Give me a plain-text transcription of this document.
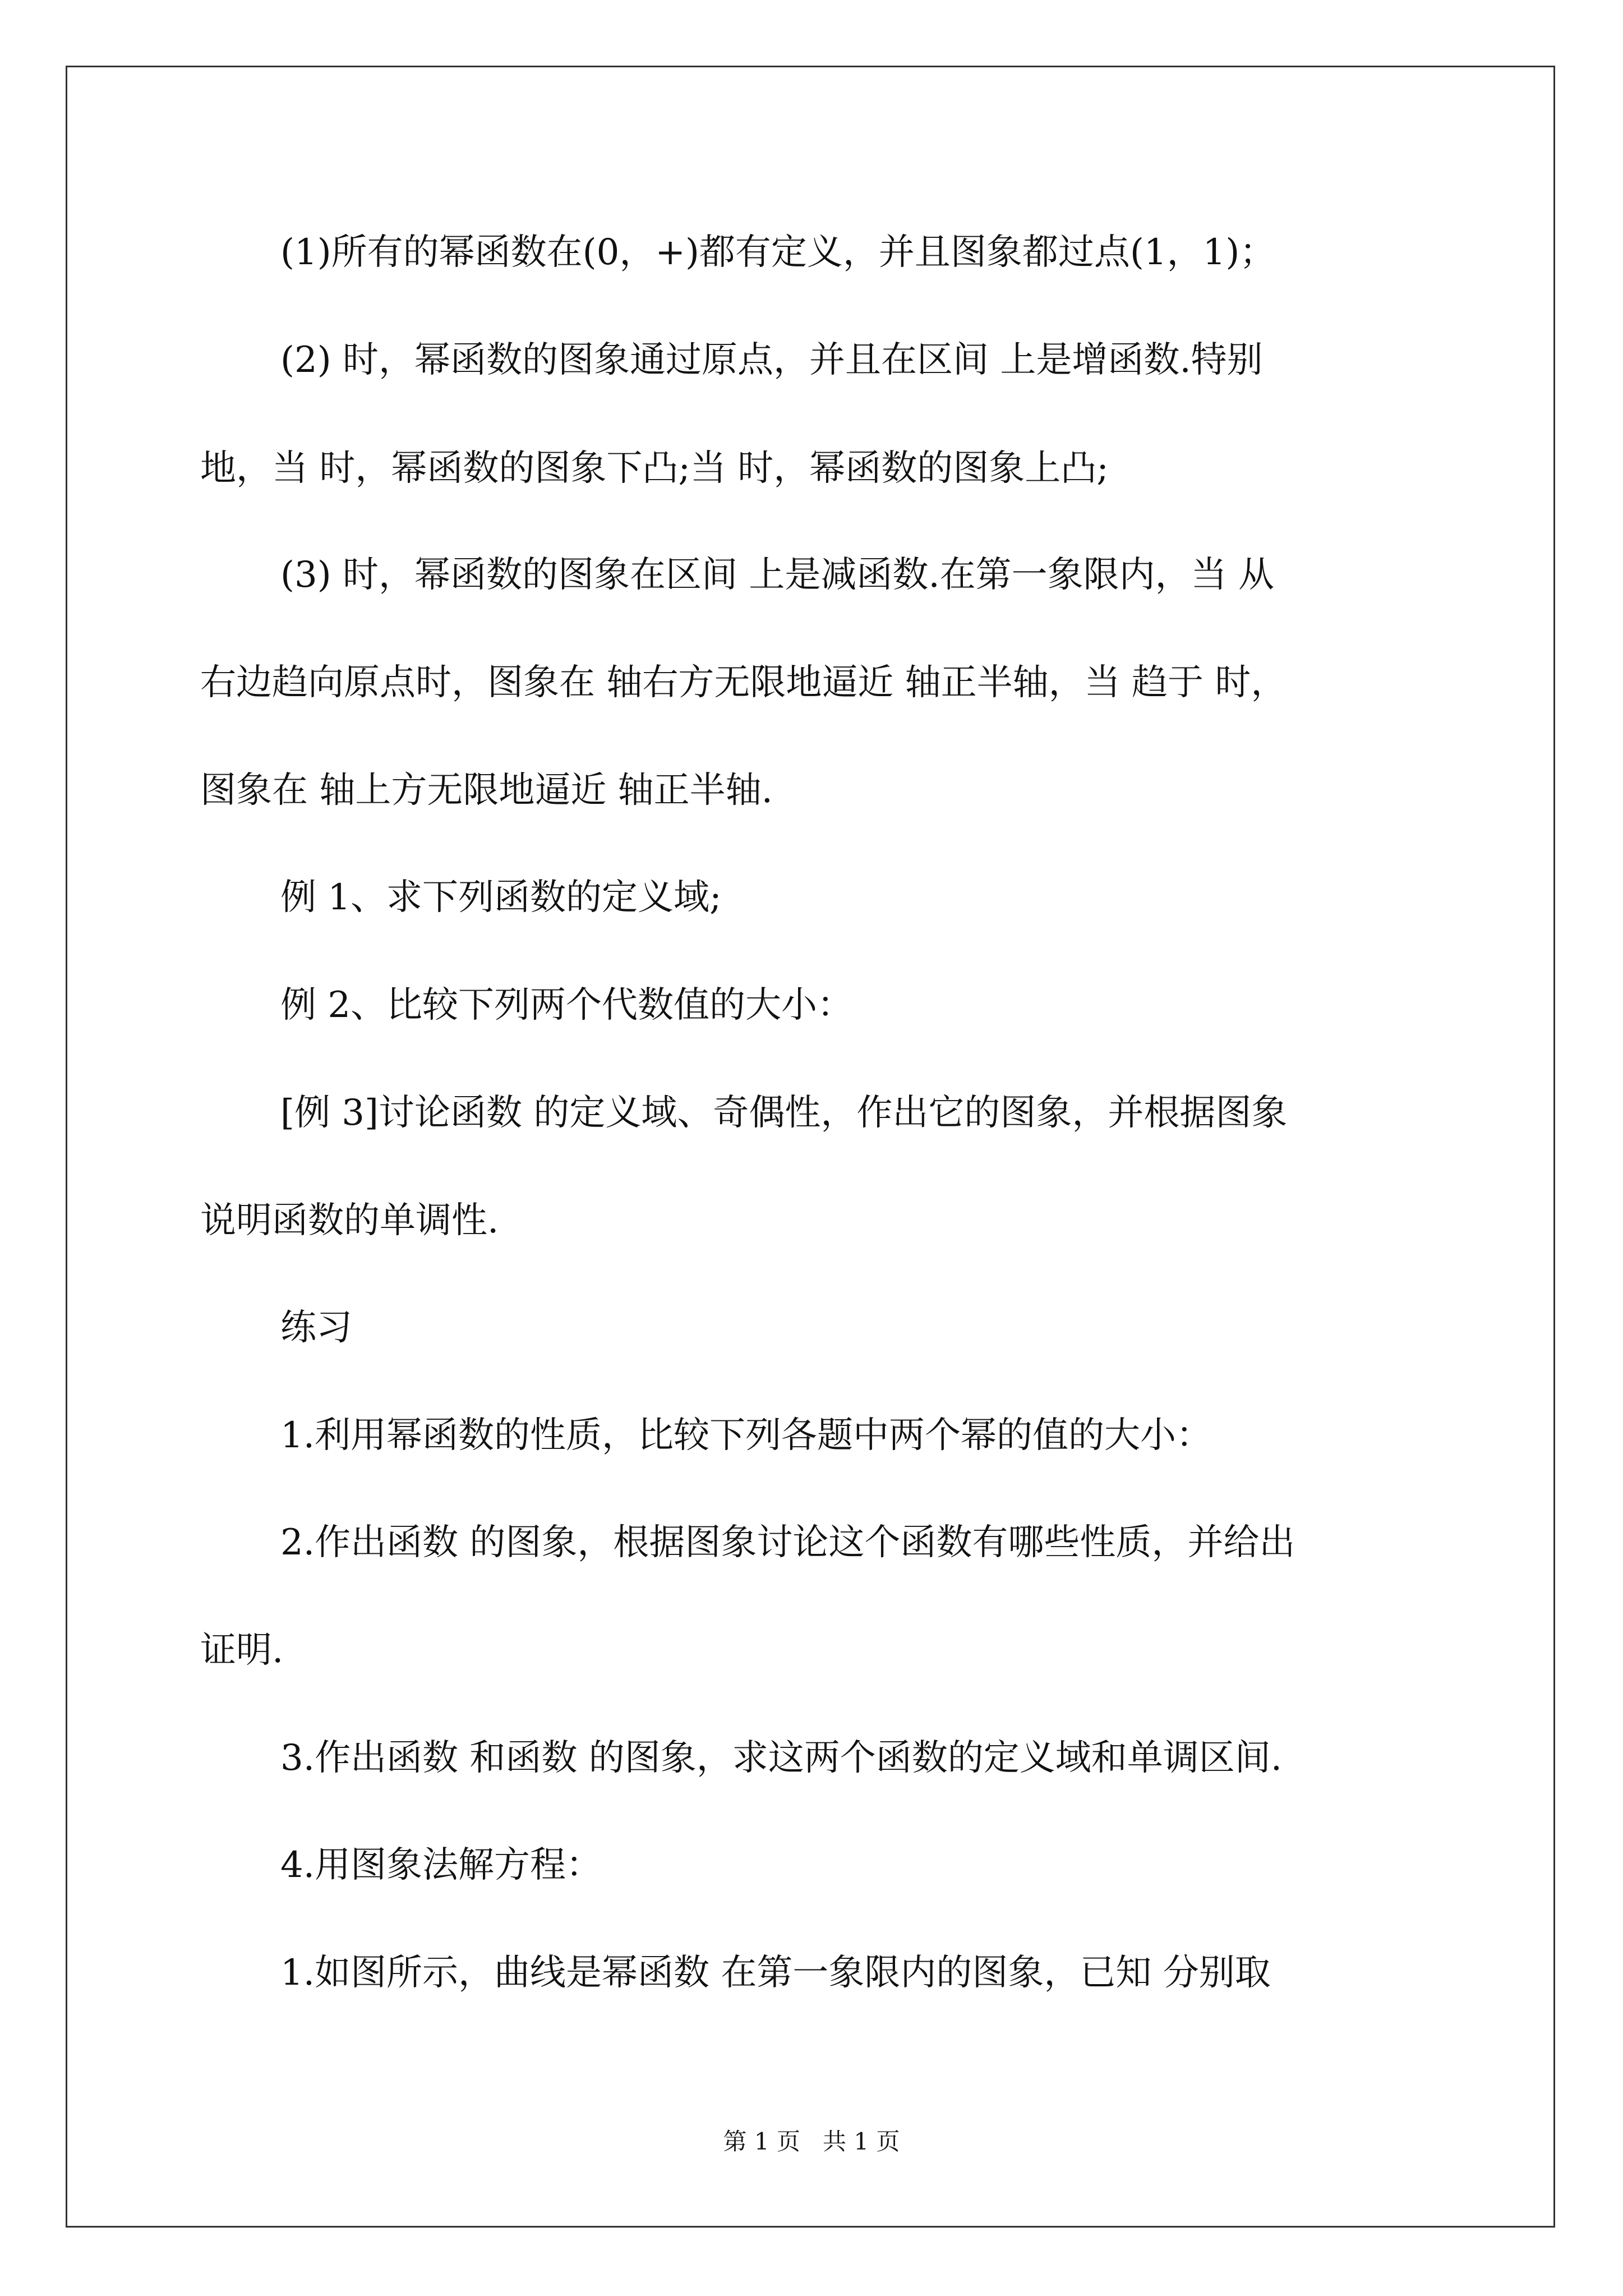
(1)所有的幂函数在(0，+)都有定义，并且图象都过点(1，1)；
(2) 时，幂函数的图象通过原点，并且在区间 上是增函数.特别
地，当 时，幂函数的图象下凸;当 时，幂函数的图象上凸;
(3) 时，幂函数的图象在区间 上是减函数.在第一象限内，当 从
右边趋向原点时，图象在 轴右方无限地逼近 轴正半轴，当 趋于 时，
图象在 轴上方无限地逼近 轴正半轴.
例 1、求下列函数的定义域;
例 2、比较下列两个代数值的大小：
[例 3]讨论函数 的定义域、奇偶性，作出它的图象，并根据图象
说明函数的单调性.
练习
1.利用幂函数的性质，比较下列各题中两个幂的值的大小：
2.作出函数 的图象，根据图象讨论这个函数有哪些性质，并给出
证明.
3.作出函数 和函数 的图象，求这两个函数的定义域和单调区间.
4.用图象法解方程：
1.如图所示，曲线是幂函数 在第一象限内的图象，已知 分别取
第 1 页   共 1 页
